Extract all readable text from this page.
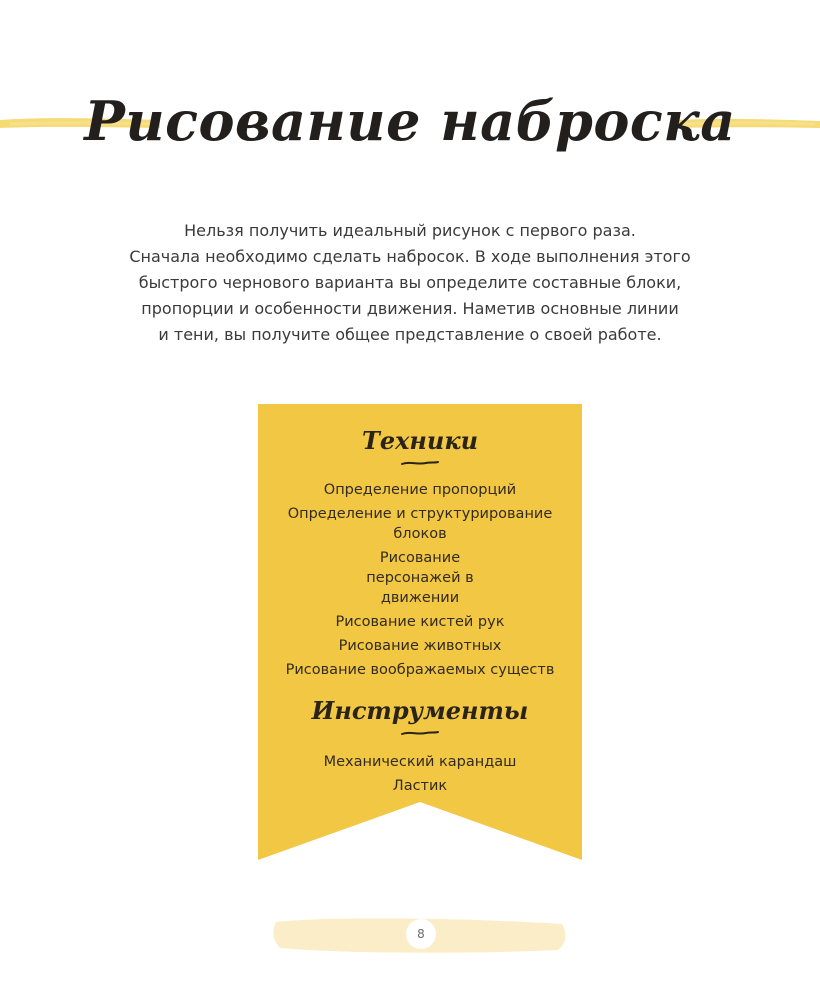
Рисование наброска

Нельзя получить идеальный рисунок с первого раза.

Сначала необходимо сделать набросок. В ходе выполнения этого

быстрого чернового варианта вы определите составные блоки,

пропорции и особенности движения. Наметив основные линии

и тени, вы получите общее представление о своей работе.

Техники
Определение пропорций
Определение и структурирование блоков
Рисование персонажей в движении
Рисование кистей рук
Рисование животных
Рисование воображаемых существ
Инструменты
Механический карандаш
Ластик
8
